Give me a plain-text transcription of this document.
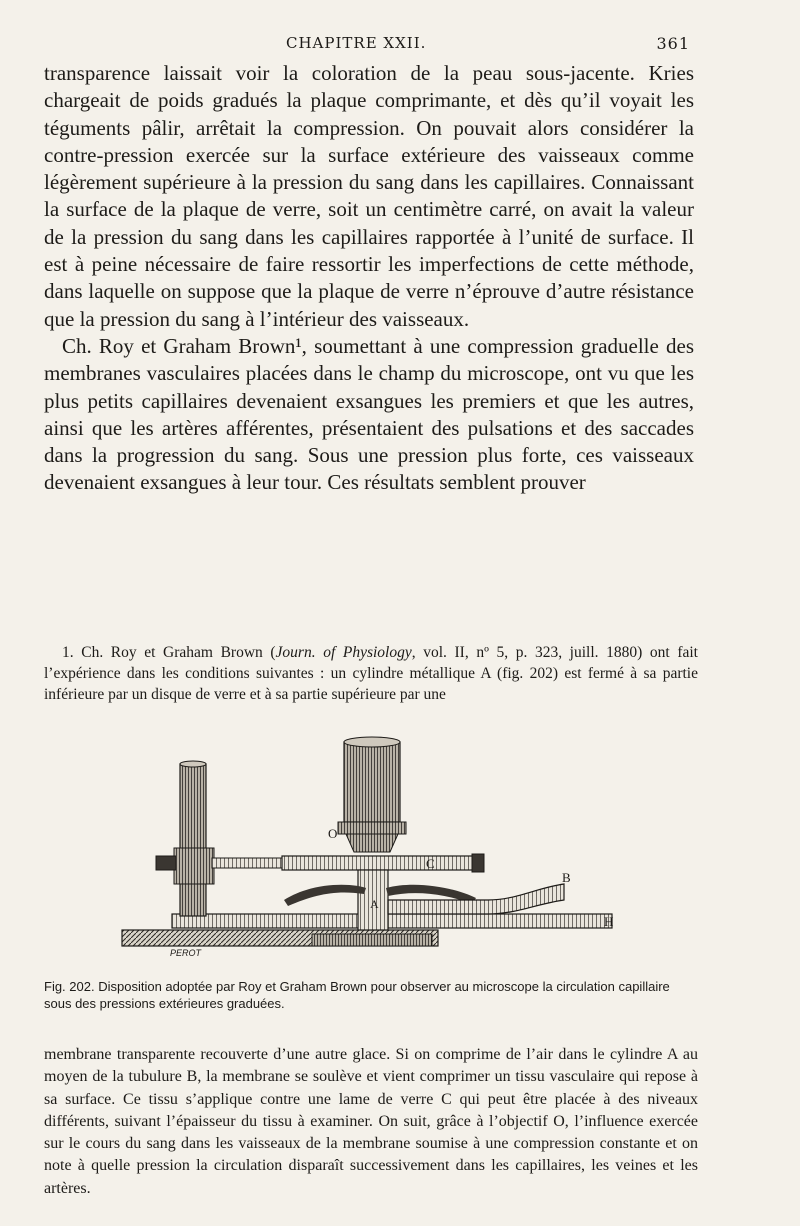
CHAPITRE XXII.	361

transparence laissait voir la coloration de la peau sous-jacente. Kries chargeait de poids gradués la plaque comprimante, et dès qu’il voyait les téguments pâlir, arrêtait la compression. On pouvait alors considérer la contre-pression exercée sur la surface extérieure des vaisseaux comme légèrement supérieure à la pression du sang dans les capillaires. Connaissant la surface de la plaque de verre, soit un centimètre carré, on avait la valeur de la pression du sang dans les capillaires rapportée à l’unité de surface. Il est à peine nécessaire de faire ressortir les imperfections de cette méthode, dans laquelle on suppose que la plaque de verre n’éprouve d’autre résistance que la pression du sang à l’intérieur des vaisseaux.

Ch. Roy et Graham Brown¹, soumettant à une compression graduelle des membranes vasculaires placées dans le champ du microscope, ont vu que les plus petits capillaires devenaient exsangues les premiers et que les autres, ainsi que les artères afférentes, présentaient des pulsations et des saccades dans la progression du sang. Sous une pression plus forte, ces vaisseaux devenaient exsangues à leur tour. Ces résultats semblent prouver

1. Ch. Roy et Graham Brown (Journ. of Physiology, vol. II, nº 5, p. 323, juill. 1880) ont fait l’expérience dans les conditions suivantes : un cylindre métallique A (fig. 202) est fermé à sa partie inférieure par un disque de verre et à sa partie supérieure par une

O
C
B
A
H
PEROT
Fig. 202. Disposition adoptée par Roy et Graham Brown pour observer au microscope la circulation capillaire sous des pressions extérieures graduées.

membrane transparente recouverte d’une autre glace. Si on comprime de l’air dans le cylindre A au moyen de la tubulure B, la membrane se soulève et vient comprimer un tissu vasculaire qui repose à sa surface. Ce tissu s’applique contre une lame de verre C qui peut être placée à des niveaux différents, suivant l’épaisseur du tissu à examiner. On suit, grâce à l’objectif O, l’influence exercée sur le cours du sang dans les vaisseaux de la membrane soumise à une compression constante et on note à quelle pression la circulation disparaît successivement dans les capillaires, les veines et les artères.
